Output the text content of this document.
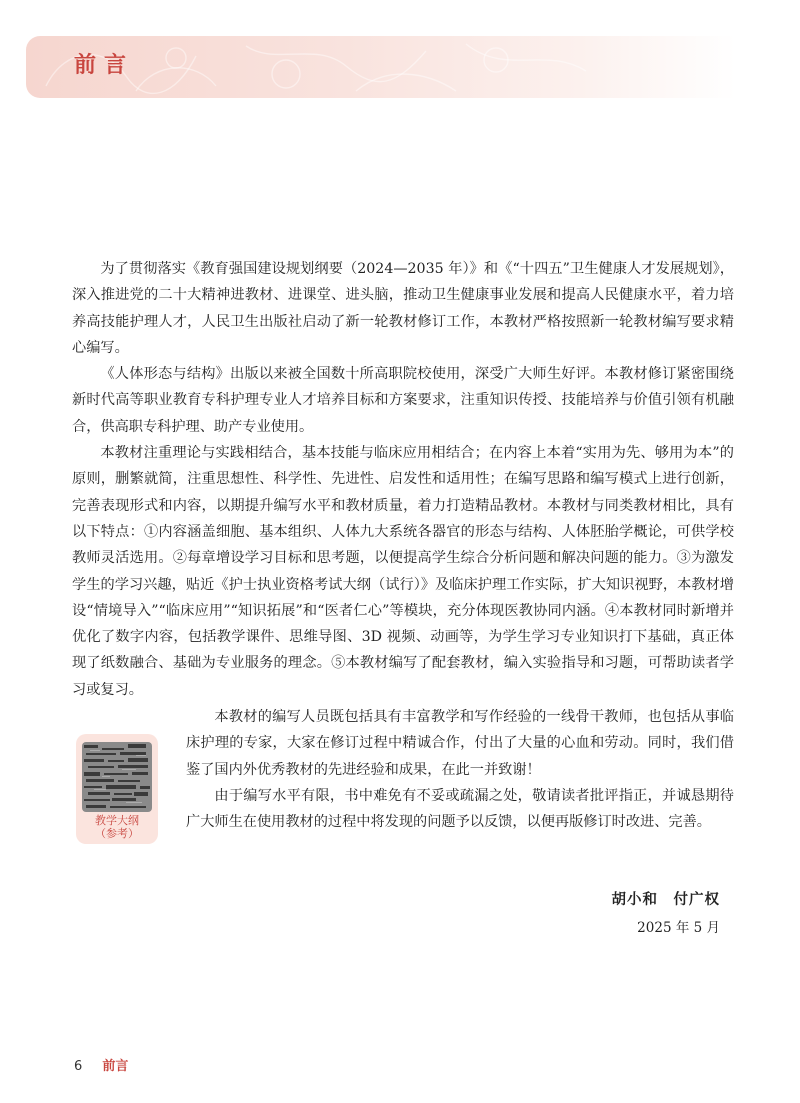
前言

为了贯彻落实《教育强国建设规划纲要（2024—2035 年）》和《“十四五”卫生健康人才发展规划》，深入推进党的二十大精神进教材、进课堂、进头脑，推动卫生健康事业发展和提高人民健康水平，着力培养高技能护理人才，人民卫生出版社启动了新一轮教材修订工作，本教材严格按照新一轮教材编写要求精心编写。

《人体形态与结构》出版以来被全国数十所高职院校使用，深受广大师生好评。本教材修订紧密围绕新时代高等职业教育专科护理专业人才培养目标和方案要求，注重知识传授、技能培养与价值引领有机融合，供高职专科护理、助产专业使用。

本教材注重理论与实践相结合，基本技能与临床应用相结合；在内容上本着“实用为先、够用为本”的原则，删繁就简，注重思想性、科学性、先进性、启发性和适用性；在编写思路和编写模式上进行创新，完善表现形式和内容，以期提升编写水平和教材质量，着力打造精品教材。本教材与同类教材相比，具有以下特点：①内容涵盖细胞、基本组织、人体九大系统各器官的形态与结构、人体胚胎学概论，可供学校教师灵活选用。②每章增设学习目标和思考题，以便提高学生综合分析问题和解决问题的能力。③为激发学生的学习兴趣，贴近《护士执业资格考试大纲（试行）》及临床护理工作实际，扩大知识视野，本教材增设“情境导入”“临床应用”“知识拓展”和“医者仁心”等模块，充分体现医教协同内涵。④本教材同时新增并优化了数字内容，包括教学课件、思维导图、3D 视频、动画等，为学生学习专业知识打下基础，真正体现了纸数融合、基础为专业服务的理念。⑤本教材编写了配套教材，编入实验指导和习题，可帮助读者学习或复习。

教学大纲
（参考）

本教材的编写人员既包括具有丰富教学和写作经验的一线骨干教师，也包括从事临床护理的专家，大家在修订过程中精诚合作，付出了大量的心血和劳动。同时，我们借鉴了国内外优秀教材的先进经验和成果，在此一并致谢！

由于编写水平有限，书中难免有不妥或疏漏之处，敬请读者批评指正，并诚恳期待广大师生在使用教材的过程中将发现的问题予以反馈，以便再版修订时改进、完善。

胡小和　付广权

2025 年 5 月

6 前言
